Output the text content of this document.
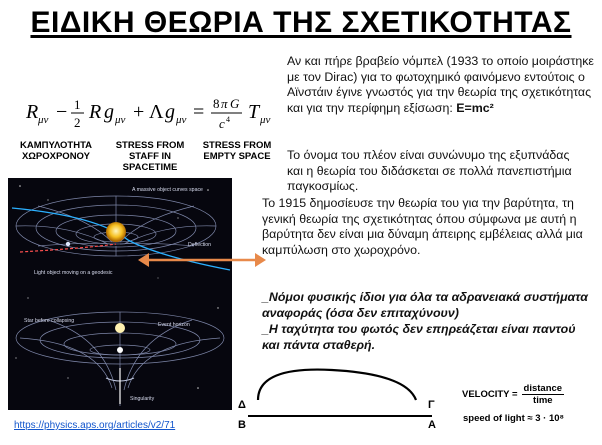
ΕΙΔΙΚΗ ΘΕΩΡΙΑ ΤΗΣ ΣΧΕΤΙΚΟΤΗΤΑΣ
R μν − 1
2 R g μν + Λ g μν = 8 π G
c 4 T μν
ΚΑΜΠΥΛΟΤΗΤΑ ΧΩΡΟΧΡΟΝΟΥ
STRESS FROM STAFF IN SPACETIME
STRESS FROM EMPTY SPACE
Αν και πήρε βραβείο νόμπελ (1933 το οποίο μοιράστηκε με τον Dirac) για το φωτοχημικό φαινόμενο εντούτοις ο Αϊνστάιν έγινε γνωστός για την θεωρία της σχετικότητας και για την περίφημη εξίσωση: E=mc²
Το όνομα του πλέον είναι συνώνυμο της εξυπνάδας και η θεωρία του διδάσκεται σε πολλά πανεπιστήμια παγκοσμίως.
Το 1915 δημοσίευσε την θεωρία του για την βαρύτητα, τη γενική θεωρία της σχετικότητας όπου σύμφωνα με αυτή η βαρύτητα δεν είναι μια δύναμη άπειρης εμβέλειας αλλά μια καμπύλωση στο χωροχρόνο.
_Νόμοι φυσικής ίδιοι για όλα τα αδρανειακά συστήματα αναφοράς (όσα δεν επιταχύνουν)
_Η ταχύτητα του φωτός δεν επηρεάζεται είναι παντού και πάντα σταθερή.
A massive object curves space
Deflection
Light object moving on a geodesic
Star before collapsing
Event horizon
Singularity
https://physics.aps.org/articles/v2/71
Δ	Γ
Β	Α
VELOCITY = $\frac{\text{distance}}{\text{time}}$
speed of light ≈ 3 · 10⁸
